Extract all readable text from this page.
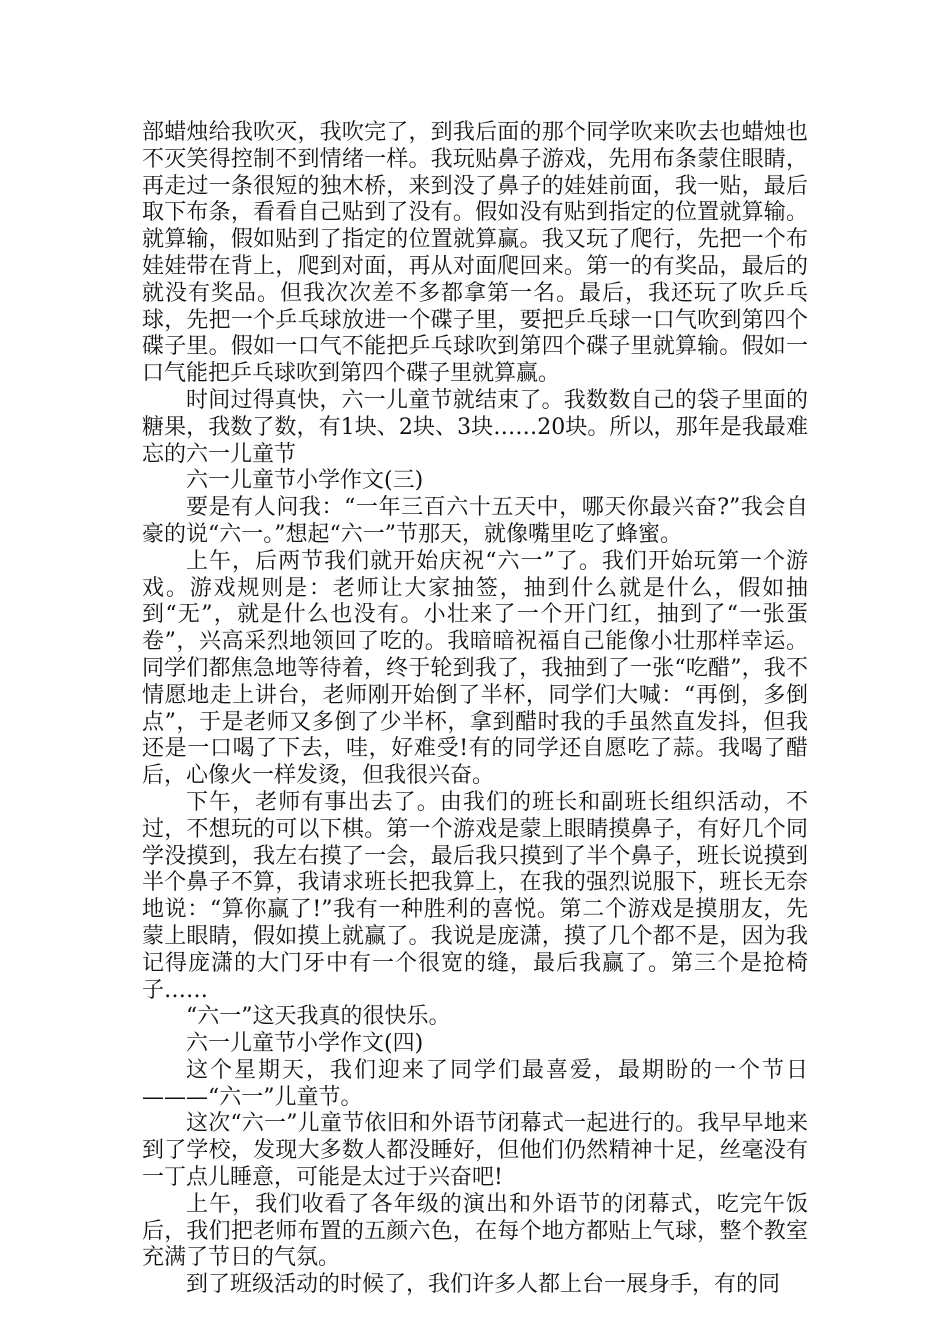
部蜡烛给我吹灭，我吹完了，到我后面的那个同学吹来吹去也蜡烛也不灭笑得控制不到情绪一样。我玩贴鼻子游戏，先用布条蒙住眼睛，再走过一条很短的独木桥，来到没了鼻子的娃娃前面，我一贴，最后取下布条，看看自己贴到了没有。假如没有贴到指定的位置就算输。就算输，假如贴到了指定的位置就算赢。我又玩了爬行，先把一个布娃娃带在背上，爬到对面，再从对面爬回来。第一的有奖品，最后的就没有奖品。但我次次差不多都拿第一名。最后，我还玩了吹乒乓球，先把一个乒乓球放进一个碟子里，要把乒乓球一口气吹到第四个碟子里。假如一口气不能把乒乓球吹到第四个碟子里就算输。假如一口气能把乒乓球吹到第四个碟子里就算赢。

时间过得真快，六一儿童节就结束了。我数数自己的袋子里面的糖果，我数了数，有1块、2块、3块……20块。所以，那年是我最难忘的六一儿童节

六一儿童节小学作文(三)

要是有人问我：“一年三百六十五天中，哪天你最兴奋?”我会自豪的说“六一。”想起“六一”节那天，就像嘴里吃了蜂蜜。

上午，后两节我们就开始庆祝“六一”了。我们开始玩第一个游戏。游戏规则是：老师让大家抽签，抽到什么就是什么，假如抽到“无”，就是什么也没有。小壮来了一个开门红，抽到了“一张蛋卷”，兴高采烈地领回了吃的。我暗暗祝福自己能像小壮那样幸运。同学们都焦急地等待着，终于轮到我了，我抽到了一张“吃醋”，我不情愿地走上讲台，老师刚开始倒了半杯，同学们大喊：“再倒，多倒点”，于是老师又多倒了少半杯，拿到醋时我的手虽然直发抖，但我还是一口喝了下去，哇，好难受!有的同学还自愿吃了蒜。我喝了醋后，心像火一样发烫，但我很兴奋。

下午，老师有事出去了。由我们的班长和副班长组织活动，不过，不想玩的可以下棋。第一个游戏是蒙上眼睛摸鼻子，有好几个同学没摸到，我左右摸了一会，最后我只摸到了半个鼻子，班长说摸到半个鼻子不算，我请求班长把我算上，在我的强烈说服下，班长无奈地说：“算你赢了!”我有一种胜利的喜悦。第二个游戏是摸朋友，先蒙上眼睛，假如摸上就赢了。我说是庞潇，摸了几个都不是，因为我记得庞潇的大门牙中有一个很宽的缝，最后我赢了。第三个是抢椅子……

“六一”这天我真的很快乐。

六一儿童节小学作文(四)

这个星期天，我们迎来了同学们最喜爱，最期盼的一个节日———“六一”儿童节。

这次“六一”儿童节依旧和外语节闭幕式一起进行的。我早早地来到了学校，发现大多数人都没睡好，但他们仍然精神十足，丝毫没有一丁点儿睡意，可能是太过于兴奋吧!

上午，我们收看了各年级的演出和外语节的闭幕式，吃完午饭后，我们把老师布置的五颜六色，在每个地方都贴上气球，整个教室充满了节日的气氛。

到了班级活动的时候了，我们许多人都上台一展身手，有的同
